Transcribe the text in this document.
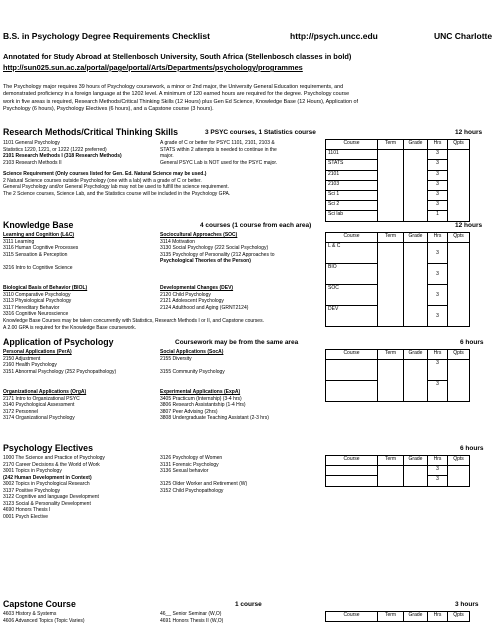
B.S. in Psychology Degree Requirements Checklist	http://psych.uncc.edu	UNC Charlotte
Annotated for Study Abroad at Stellenbosch University, South Africa (Stellenbosch classes in bold)
http://sun025.sun.ac.za/portal/page/portal/Arts/Departments/psychology/programmes
The Psychology major requires 39 hours of Psychology coursework, a minor or 2nd major, the University General Education requirements, and
demonstrated proficiency in a foreign language at the 1202 level. A minimum of 120 earned hours are required for the degree. Psychology course
work in five areas is required, Research Methods/Critical Thinking Skills (12 Hours) plus Gen Ed Science, Knowledge Base (12 Hours), Application of
Psychology (6 hours), Psychology Electives (6 hours), and a Capstone course (3 hours).
Research Methods/Critical Thinking Skills	3 PSYC courses, 1 Statistics course	12 hours
1101 General Psychology
Statistics 1220, 1221, or 1222 (1222 preferred)
2101 Research Methods I (318 Research Methods)
2103 Research Methods II
A grade of C or better for PSYC 1101, 2101, 2103 &
STATS within 2 attempts is needed to continue in the
major.
General PSYC Lab is NOT used for the PSYC major.
Science Requirement (Only courses listed for Gen. Ed. Natural Science may be used.)
2 Natural Science courses outside Psychology (one with a lab) with a grade of C or better.
General Psychology and/or General Psychology lab may not be used to fulfill the science requirement.
The 2 Science courses, Science Lab, and the Statistics course will be included in the Psychology GPA.
Course	Term	Grade	Hrs	Qpts
1101			3	
STATS			3	
2101			3	
2103			3	
Sci 1			3	
Sci 2			3	
Sci lab			1	
Knowledge Base	4 courses (1 course from each area)	12 hours
Learning and Cognition (L&C)
3111 Learning
3116 Human Cognitive Processes
3115 Sensation & Perception

3216 Intro to Cognitive Science
Sociocultural Approaches (SOC)
3114 Motivation
3130 Social Psychology (222 Social Psychology)
3135 Psychology of Personality (212 Approaches to
Psychological Theories of the Person)
Biological Basis of Behavior (BIOL)
3110 Comparative Psychology
3113 Physiological Psychology
3117 Hereditary Behavior
3316 Cognitive Neuroscience
Developmental Changes (DEV)
2120 Child Psychology
2121 Adolescent Psychology
2124 Adulthood and Aging (GRNT2124)
Knowledge Base Courses may be taken concurrently with Statistics, Research Methods I or II, and Capstone courses.
A 2.00 GPA is required for the Knowledge Base coursework.
Course	Term	Grade	Hrs	Qpts
L & C			3	
BIO			3	
SOC			3	
DEV			3	
Application of Psychology	Coursework may be from the same area	6 hours
Personal Applications (PerA)
2150 Adjustment
2160 Health Psychology
3151 Abnormal Psychology (252 Psychopathology)
Social Applications (SocA)
2155 Diversity

3155 Community Psychology
Organizational Applications (OrgA)
2171 Intro to Organizational PSYC
3140 Psychological Assessment
3172 Personnel
3174 Organizational Psychology
Experimental Applications (ExpA)
3405 Practicum (Internship) (3-4 hrs)
3806 Research Assistantship (1-4 Hrs)
3807 Peer Advising (2hrs)
3808 Undergraduate Teaching Assistant (2-3 hrs)
Course	Term	Grade	Hrs	Qpts
			3	
			3	
Psychology Electives	6 hours
1000 The Science and Practice of Psychology
2170 Career Decisions & the World of Work
3001 Topics in Psychology
(242 Human Development in Context)
3002 Topics in Psychological Research
3137 Positive Psychology
3122 Cognitive and language Development
3123 Social & Personality Development
4690 Honors Thesis I
0001 Psych Elective
3126 Psychology of Women
3131 Forensic Psychology
3136 Sexual behavior

3125 Older Worker and Retirement (W)
3152 Child Psychopathology
Course	Term	Grade	Hrs	Qpts
			3	
			3	
Capstone Course	1 course	3 hours
4603 History & Systems
4606 Advanced Topics (Topic Varies)
46__ Senior Seminar (W,O)
4691 Honors Thesis II (W,O)
Course	Term	Grade	Hrs	Qpts
